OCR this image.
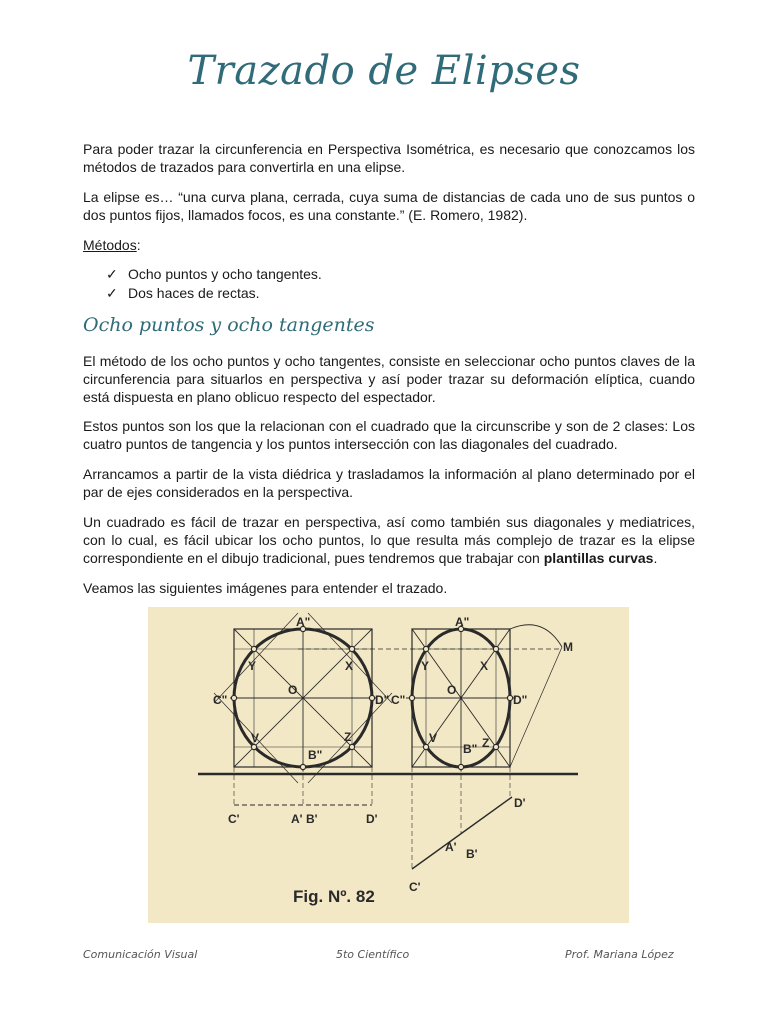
Trazado de Elipses

Para poder trazar la circunferencia en Perspectiva Isométrica, es necesario que conozcamos los métodos de trazados para convertirla en una elipse.

La elipse es… “una curva plana, cerrada, cuya suma de distancias de cada uno de sus puntos o dos puntos fijos, llamados focos, es una constante.” (E. Romero, 1982).

Métodos:

✓ Ocho puntos y ocho tangentes.
✓ Dos haces de rectas.
Ocho puntos y ocho tangentes

El método de los ocho puntos y ocho tangentes, consiste en seleccionar ocho puntos claves de la circunferencia para situarlos en perspectiva y así poder trazar su deformación elíptica, cuando está dispuesta en plano oblicuo respecto del espectador.

Estos puntos son los que la relacionan con el cuadrado que la circunscribe y son de 2 clases: Los cuatro puntos de tangencia y los puntos intersección con las diagonales del cuadrado.

Arrancamos a partir de la vista diédrica y trasladamos la información al plano determinado por el par de ejes considerados en la perspectiva.

Un cuadrado es fácil de trazar en perspectiva, así como también sus diagonales y mediatrices, con lo cual, es fácil ubicar los ocho puntos, lo que resulta más complejo de trazar es la elipse correspondiente en el dibujo tradicional, pues tendremos que trabajar con plantillas curvas.

Veamos las siguientes imágenes para entender el trazado.

A"
Y	X
O
C"	D"
V	Z
B"
A"
Y	X
M
O
C"	D"
V	Z
B"
C'	A' B'	D'
D'
A' B'
C'
Fig. Nº. 82
Comunicación Visual	5to Científico	Prof. Mariana López
